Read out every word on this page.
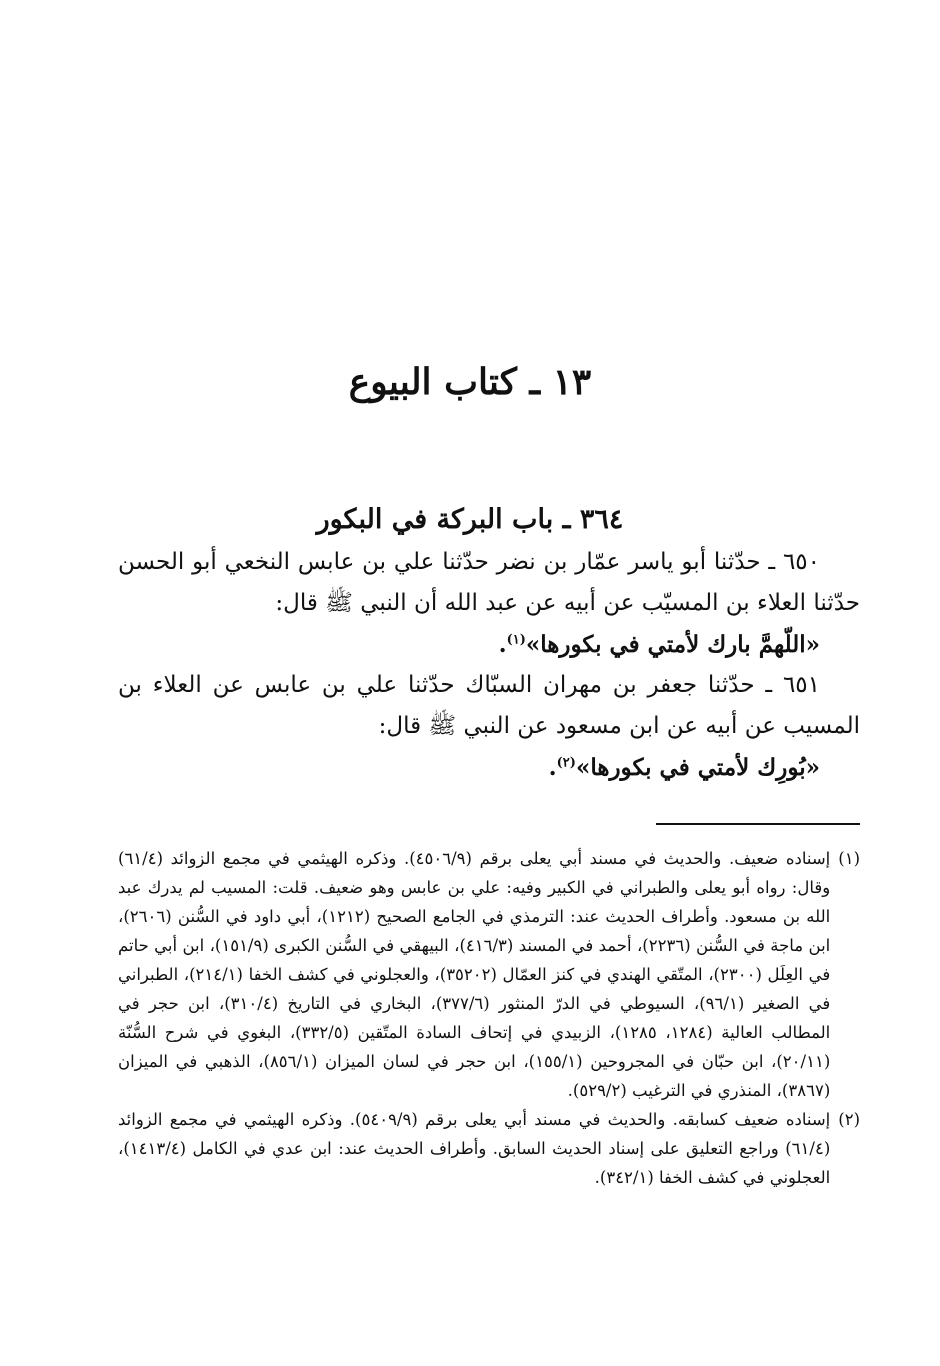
١٣ ـ كتاب البيوع
٣٦٤ ـ باب البركة في البكور

٦٥٠ ـ حدّثنا أبو ياسر عمّار بن نضر حدّثنا علي بن عابس النخعي أبو الحسن حدّثنا العلاء بن المسيّب عن أبيه عن عبد الله أن النبي ﷺ قال:

«اللّهمَّ بارك لأمتي في بكورها»$^{(١)}$.

٦٥١ ـ حدّثنا جعفر بن مهران السبّاك حدّثنا علي بن عابس عن العلاء بن المسيب عن أبيه عن ابن مسعود عن النبي ﷺ قال:

«بُورِك لأمتي في بكورها»$^{(٢)}$.

(١)
إسناده ضعيف. والحديث في مسند أبي يعلى برقم (٤٥٠٦/٩). وذكره الهيثمي في مجمع الزوائد (٦١/٤) وقال: رواه أبو يعلى والطبراني في الكبير وفيه: علي بن عابس وهو ضعيف. قلت: المسيب لم يدرك عبد الله بن مسعود. وأطراف الحديث عند: الترمذي في الجامع الصحيح (١٢١٢)، أبي داود في السُّنن (٢٦٠٦)، ابن ماجة في السُّنن (٢٢٣٦)، أحمد في المسند (٤١٦/٣)، البيهقي في السُّنن الكبرى (١٥١/٩)، ابن أبي حاتم في العِلَل (٢٣٠٠)، المتّقي الهندي في كنز العمّال (٣٥٢٠٢)، والعجلوني في كشف الخفا (٢١٤/١)، الطبراني في الصغير (٩٦/١)، السيوطي في الدرّ المنثور (٣٧٧/٦)، البخاري في التاريخ (٣١٠/٤)، ابن حجر في المطالب العالية (١٢٨٤، ١٢٨٥)، الزبيدي في إتحاف السادة المتّقين (٣٣٢/٥)، البغوي في شرح السُّنّة (٢٠/١١)، ابن حبّان في المجروحين (١٥٥/١)، ابن حجر في لسان الميزان (٨٥٦/١)، الذهبي في الميزان (٣٨٦٧)، المنذري في الترغيب (٥٢٩/٢).
(٢)
إسناده ضعيف كسابقه. والحديث في مسند أبي يعلى برقم (٥٤٠٩/٩). وذكره الهيثمي في مجمع الزوائد (٦١/٤) وراجع التعليق على إسناد الحديث السابق. وأطراف الحديث عند: ابن عدي في الكامل (١٤١٣/٤)، العجلوني في كشف الخفا (٣٤٢/١).
